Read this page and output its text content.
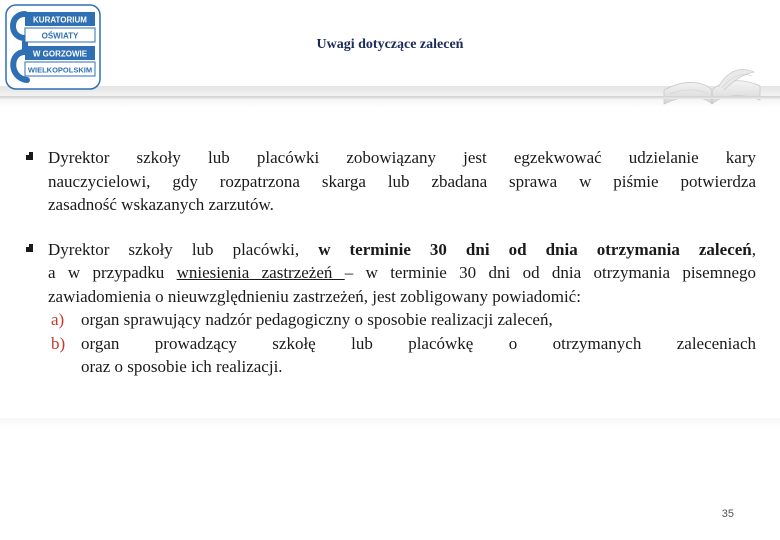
KURATORIUM
OŚWIATY
W GORZOWIE
WIELKOPOLSKIM
Uwagi dotyczące zaleceń
Dyrektor szkoły lub placówki zobowiązany jest egzekwować udzielanie kary
nauczycielowi, gdy rozpatrzona skarga lub zbadana sprawa w piśmie potwierdza
zasadność wskazanych zarzutów.
Dyrektor szkoły lub placówki, w terminie 30 dni od dnia otrzymania zaleceń,
a w przypadku wniesienia zastrzeżeń – w terminie 30 dni od dnia otrzymania pisemnego
zawiadomienia o nieuwzględnieniu zastrzeżeń, jest zobligowany powiadomić:
a) organ sprawujący nadzór pedagogiczny o sposobie realizacji zaleceń,
b) organ prowadzący szkołę lub placówkę o otrzymanych zaleceniach
oraz o sposobie ich realizacji.
35
